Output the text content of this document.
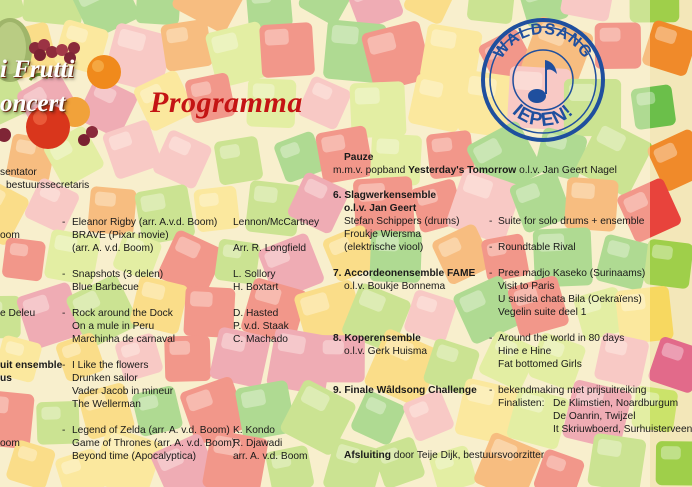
i Frutti
oncert	Programma
WÂLDSANG
IEPEN!
sentator
bestuurssecretaris
oom
e Deleu
uit ensemble
us
oom
- Eleanor Rigby (arr. A.v.d. Boom)
BRAVE (Pixar movie)
(arr. A. v.d. Boom)
Lennon/McCartney
Arr. R. Longfield
- Snapshots (3 delen)
Blue Barbecue
L. Sollory
H. Boxtart
- Rock around the Dock
On a mule in Peru
Marchinha de carnaval
D. Hasted
P. v.d. Staak
C. Machado
- I Like the flowers
Drunken sailor
Vader Jacob in mineur
The Wellerman
- Legend of Zelda (arr. A. v.d. Boom)
Game of Thrones (arr. A. v.d. Boom)
Beyond time (Apocalyptica)
K. Kondo
R. Djawadi
arr. A. v.d. Boom
Pauze
m.m.v. popband Yesterday's Tomorrow o.l.v. Jan Geert Nagel
6. Slagwerkensemble
o.l.v. Jan Geert
Stefan Schippers (drums)
Froukje Wiersma
(elektrische viool)
- Suite for solo drums + ensemble
- Roundtable Rival
7. Accordeonensemble FAME
o.l.v. Boukje Bonnema
- Pree madjo Kaseko (Surinaams)
Visit to Paris
U susida chata Bila (Oekraïens)
Vegelin suite deel 1
8. Koperensemble
o.l.v. Gerk Huisma
- Around the world in 80 days
Hine e Hine
Fat bottomed Girls
9. Finale Wâldsong Challenge - bekendmaking met prijsuitreiking
Finalisten: De Klimstien, Noardburgum
De Oanrin, Twijzel
It Skriuwboerd, Surhuisterveen
Afsluiting door Teije Dijk, bestuursvoorzitter
